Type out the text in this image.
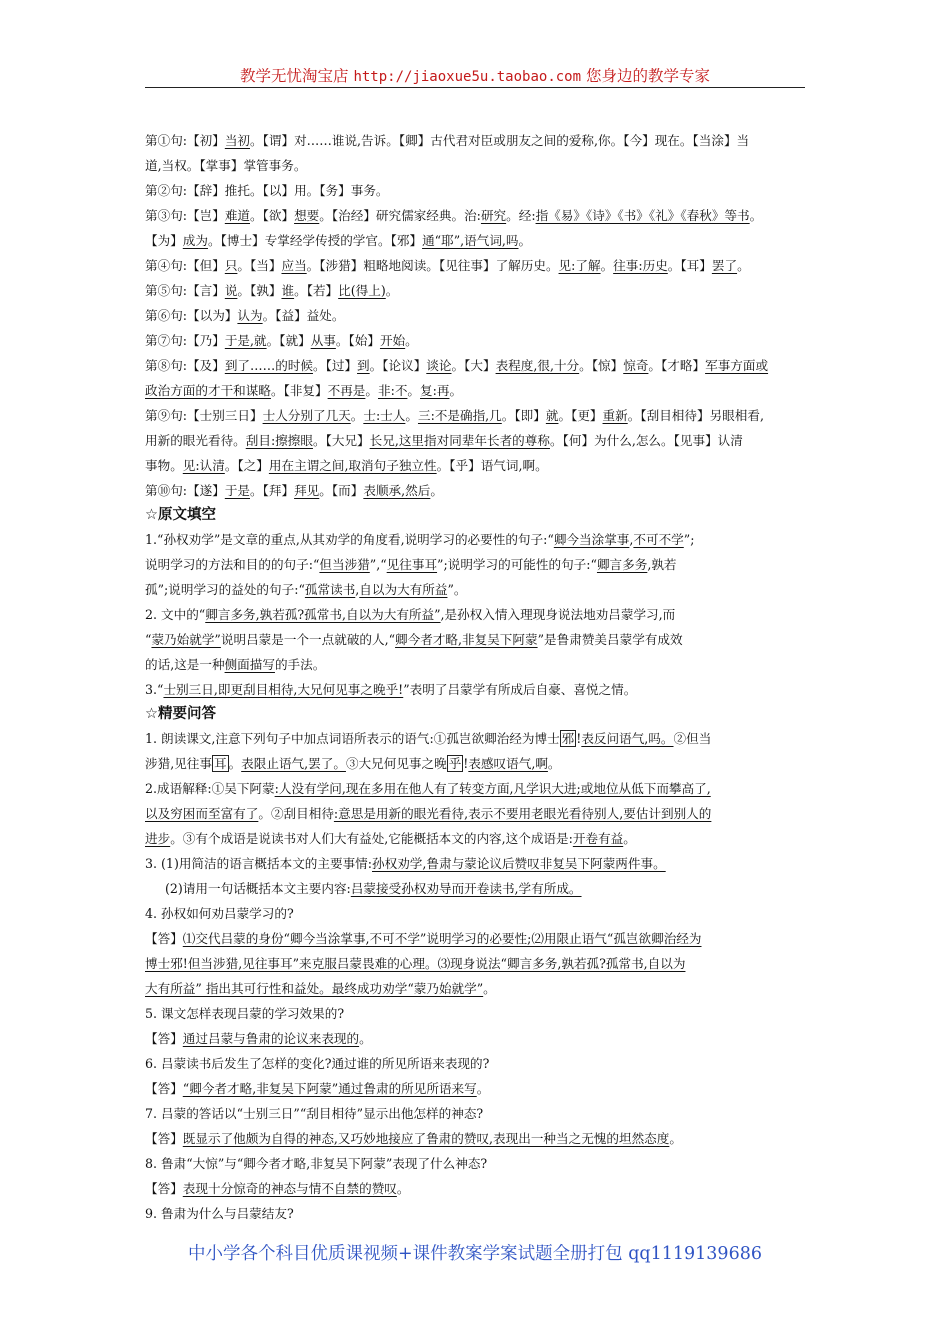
教学无忧淘宝店 http://jiaoxue5u.taobao.com 您身边的教学专家
第①句:【初】当初。【谓】对……谁说,告诉。【卿】古代君对臣或朋友之间的爱称,你。【今】现在。【当涂】当
道,当权。【掌事】掌管事务。
第②句:【辞】推托。【以】用。【务】事务。
第③句:【岂】难道。【欲】想要。【治经】研究儒家经典。治:研究。经:指《易》《诗》《书》《礼》《春秋》等书。
【为】成为。【博士】专掌经学传授的学官。【邪】通“耶”,语气词,吗。
第④句:【但】只。【当】应当。【涉猎】粗略地阅读。【见往事】了解历史。见:了解。往事:历史。【耳】罢了。
第⑤句:【言】说。【孰】谁。【若】比(得上)。
第⑥句:【以为】认为。【益】益处。
第⑦句:【乃】于是,就。【就】从事。【始】开始。
第⑧句:【及】到了……的时候。【过】到。【论议】谈论。【大】表程度,很,十分。【惊】惊奇。【才略】军事方面或
政治方面的才干和谋略。【非复】不再是。非:不。复:再。
第⑨句:【士别三日】士人分别了几天。士:士人。三:不是确指,几。【即】就。【更】重新。【刮目相待】另眼相看,
用新的眼光看待。刮目:擦擦眼。【大兄】长兄,这里指对同辈年长者的尊称。【何】为什么,怎么。【见事】认清
事物。见:认清。【之】用在主谓之间,取消句子独立性。【乎】语气词,啊。
第⑩句:【遂】于是。【拜】拜见。【而】表顺承,然后。
☆原文填空
1.“孙权劝学”是文章的重点,从其劝学的角度看,说明学习的必要性的句子:“卿今当涂掌事,不可不学”;
说明学习的方法和目的的句子:“但当涉猎”,“见往事耳”;说明学习的可能性的句子:“卿言多务,孰若
孤”;说明学习的益处的句子:“孤常读书,自以为大有所益”。
2. 文中的“卿言多务,孰若孤?孤常书,自以为大有所益”,是孙权入情入理现身说法地劝吕蒙学习,而
“蒙乃始就学”说明吕蒙是一个一点就破的人,“卿今者才略,非复吴下阿蒙”是鲁肃赞美吕蒙学有成效
的话,这是一种侧面描写的手法。
3.“士别三日,即更刮目相待,大兄何见事之晚乎!”表明了吕蒙学有所成后自豪、喜悦之情。
☆精要问答
1. 朗读课文,注意下列句子中加点词语所表示的语气:①孤岂欲卿治经为博士 邪 !表反问语气,吗。②但当
涉猎,见往事 耳 。表限止语气,罢了。③大兄何见事之晚 乎 !表感叹语气,啊。
2.成语解释:①吴下阿蒙:人没有学问,现在多用在他人有了转变方面,凡学识大进;或地位从低下而攀高了,
以及穷困而至富有了。②刮目相待:意思是用新的眼光看待,表示不要用老眼光看待别人,要估计到别人的
进步。③有个成语是说读书对人们大有益处,它能概括本文的内容,这个成语是:开卷有益。
3. (1)用简洁的语言概括本文的主要事情:孙权劝学,鲁肃与蒙论议后赞叹非复吴下阿蒙两件事。
(2)请用一句话概括本文主要内容:吕蒙接受孙权劝导而开卷读书,学有所成。
4. 孙权如何劝吕蒙学习的?
【答】⑴交代吕蒙的身份“卿今当涂掌事,不可不学”说明学习的必要性;⑵用限止语气“孤岂欲卿治经为
博士邪!但当涉猎,见往事耳”来克服吕蒙畏难的心理。⑶现身说法“卿言多务,孰若孤?孤常书,自以为
大有所益” 指出其可行性和益处。最终成功劝学“蒙乃始就学”。
5. 课文怎样表现吕蒙的学习效果的?
【答】通过吕蒙与鲁肃的论议来表现的。
6. 吕蒙读书后发生了怎样的变化?通过谁的所见所语来表现的?
【答】“卿今者才略,非复吴下阿蒙”通过鲁肃的所见所语来写。
7. 吕蒙的答话以“士别三日”“刮目相待”显示出他怎样的神态?
【答】既显示了他颇为自得的神态,又巧妙地接应了鲁肃的赞叹,表现出一种当之无愧的坦然态度。
8. 鲁肃“大惊”与“卿今者才略,非复吴下阿蒙”表现了什么神态?
【答】表现十分惊奇的神态与情不自禁的赞叹。
9. 鲁肃为什么与吕蒙结友?
中小学各个科目优质课视频+课件教案学案试题全册打包 qq1119139686
